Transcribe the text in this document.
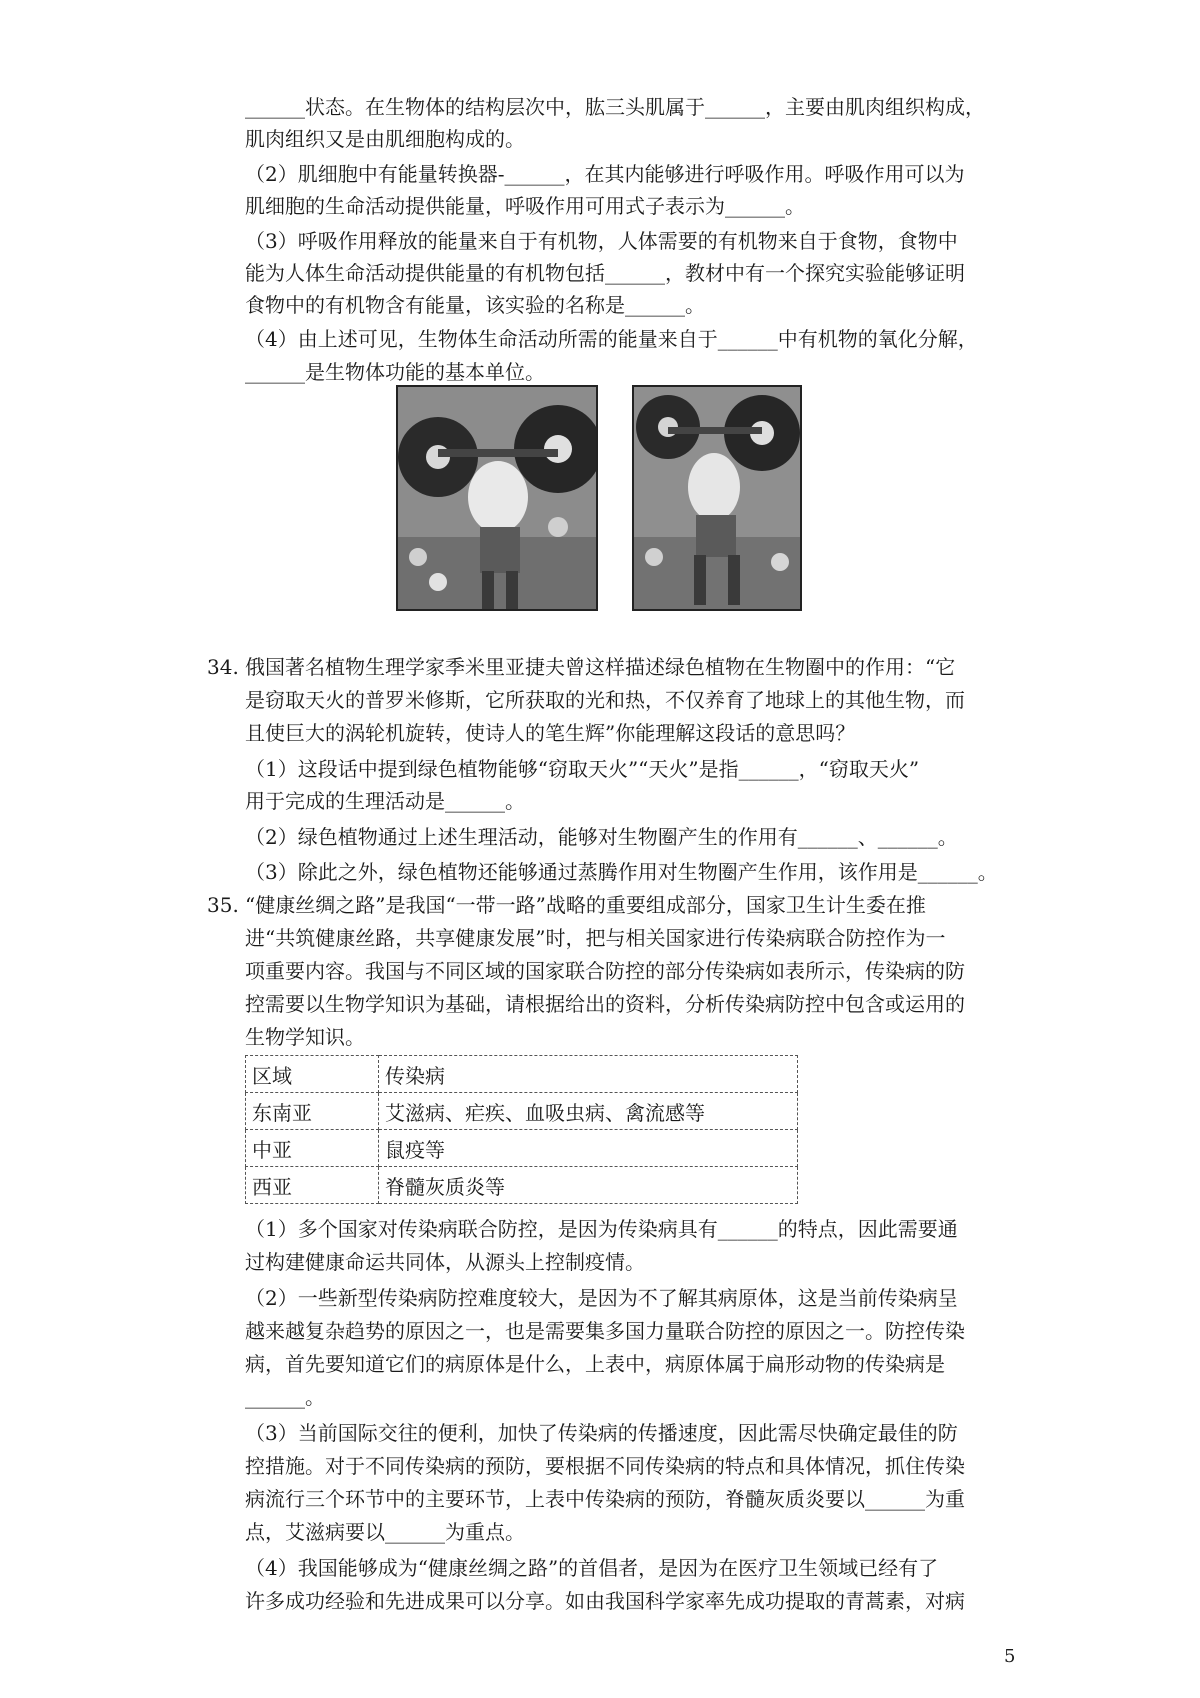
______状态。在生物体的结构层次中，肱三头肌属于______，主要由肌肉组织构成，
肌肉组织又是由肌细胞构成的。
（2）肌细胞中有能量转换器-______，在其内能够进行呼吸作用。呼吸作用可以为
肌细胞的生命活动提供能量，呼吸作用可用式子表示为______。
（3）呼吸作用释放的能量来自于有机物，人体需要的有机物来自于食物，食物中
能为人体生命活动提供能量的有机物包括______，教材中有一个探究实验能够证明
食物中的有机物含有能量，该实验的名称是______。
（4）由上述可见，生物体生命活动所需的能量来自于______中有机物的氧化分解，
______是生物体功能的基本单位。
34. 俄国著名植物生理学家季米里亚捷夫曾这样描述绿色植物在生物圈中的作用：“它
是窃取天火的普罗米修斯，它所获取的光和热，不仅养育了地球上的其他生物，而
且使巨大的涡轮机旋转，使诗人的笔生辉”你能理解这段话的意思吗？
（1）这段话中提到绿色植物能够“窃取天火”“天火”是指______，“窃取天火”
用于完成的生理活动是______。
（2）绿色植物通过上述生理活动，能够对生物圈产生的作用有______、______。
（3）除此之外，绿色植物还能够通过蒸腾作用对生物圈产生作用，该作用是______。
35. “健康丝绸之路”是我国“一带一路”战略的重要组成部分，国家卫生计生委在推
进“共筑健康丝路，共享健康发展”时，把与相关国家进行传染病联合防控作为一
项重要内容。我国与不同区域的国家联合防控的部分传染病如表所示，传染病的防
控需要以生物学知识为基础，请根据给出的资料，分析传染病防控中包含或运用的
生物学知识。
区域	传染病
东南亚	艾滋病、疟疾、血吸虫病、禽流感等
中亚	鼠疫等
西亚	脊髓灰质炎等
（1）多个国家对传染病联合防控，是因为传染病具有______的特点，因此需要通
过构建健康命运共同体，从源头上控制疫情。
（2）一些新型传染病防控难度较大，是因为不了解其病原体，这是当前传染病呈
越来越复杂趋势的原因之一，也是需要集多国力量联合防控的原因之一。防控传染
病，首先要知道它们的病原体是什么，上表中，病原体属于扁形动物的传染病是
______。
（3）当前国际交往的便利，加快了传染病的传播速度，因此需尽快确定最佳的防
控措施。对于不同传染病的预防，要根据不同传染病的特点和具体情况，抓住传染
病流行三个环节中的主要环节，上表中传染病的预防，脊髓灰质炎要以______为重
点，艾滋病要以______为重点。
（4）我国能够成为“健康丝绸之路”的首倡者，是因为在医疗卫生领域已经有了
许多成功经验和先进成果可以分享。如由我国科学家率先成功提取的青蒿素，对病
5
